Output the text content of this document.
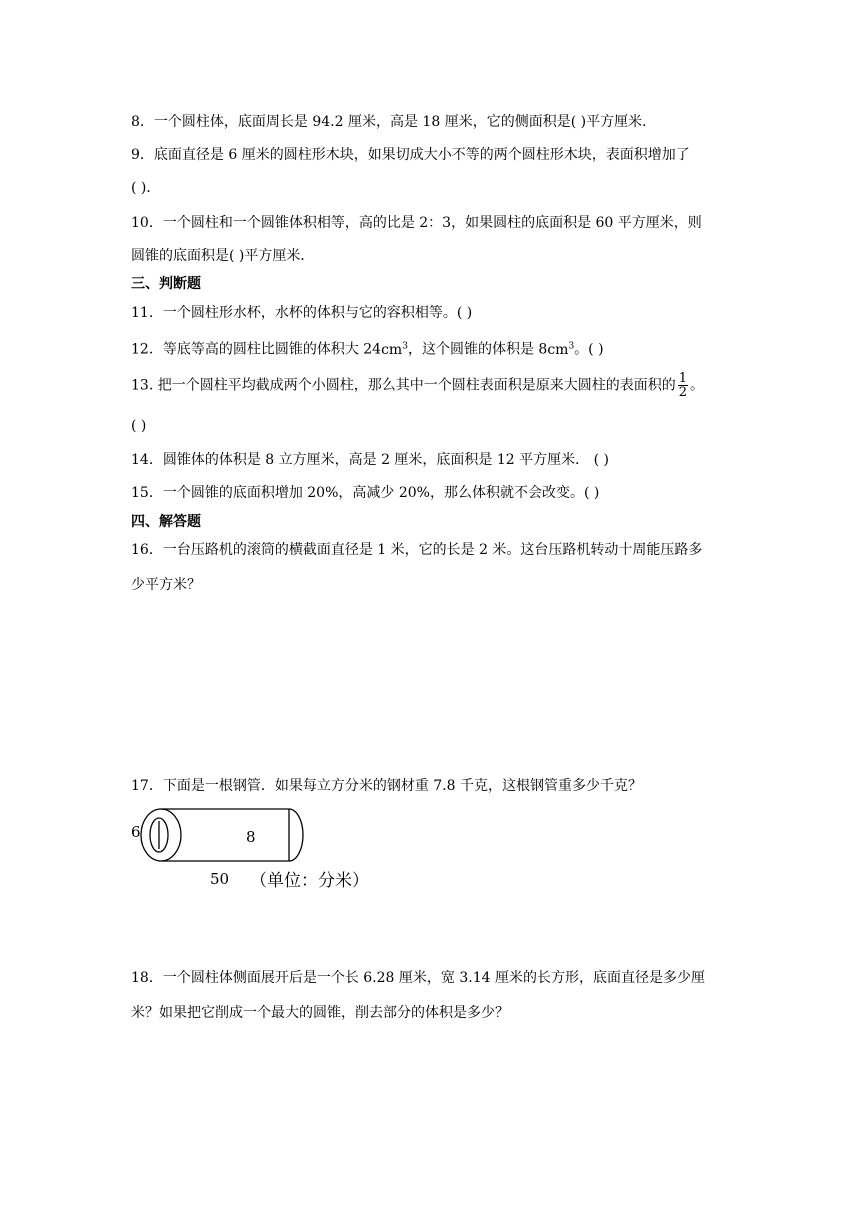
8．一个圆柱体，底面周长是 94.2 厘米，高是 18 厘米，它的侧面积是( )平方厘米．
9．底面直径是 6 厘米的圆柱形木块，如果切成大小不等的两个圆柱形木块，表面积增加了
( )．
10．一个圆柱和一个圆锥体积相等，高的比是 2：3，如果圆柱的底面积是 60 平方厘米，则
圆锥的底面积是( )平方厘米．
三、判断题
11．一个圆柱形水杯，水杯的体积与它的容积相等。( )
12．等底等高的圆柱比圆锥的体积大 $24cm^3$，这个圆锥的体积是 $8cm^3$。( )
13. 把一个圆柱平均截成两个小圆柱，那么其中一个圆柱表面积是原来大圆柱的表面积的 $\frac{1}{2}$ 。
( )
14．圆锥体的体积是 8 立方厘米，高是 2 厘米，底面积是 12 平方厘米． ( )
15．一个圆锥的底面积增加 20%，高减少 20%，那么体积就不会改变。( )
四、解答题
16．一台压路机的滚筒的横截面直径是 1 米，它的长是 2 米。这台压路机转动十周能压路多
少平方米？
17．下面是一根钢管．如果每立方分米的钢材重 7.8 千克，这根钢管重多少千克？
6	8
50 （单位：分米）
18．一个圆柱体侧面展开后是一个长 6.28 厘米，宽 3.14 厘米的长方形，底面直径是多少厘
米？如果把它削成一个最大的圆锥，削去部分的体积是多少？
